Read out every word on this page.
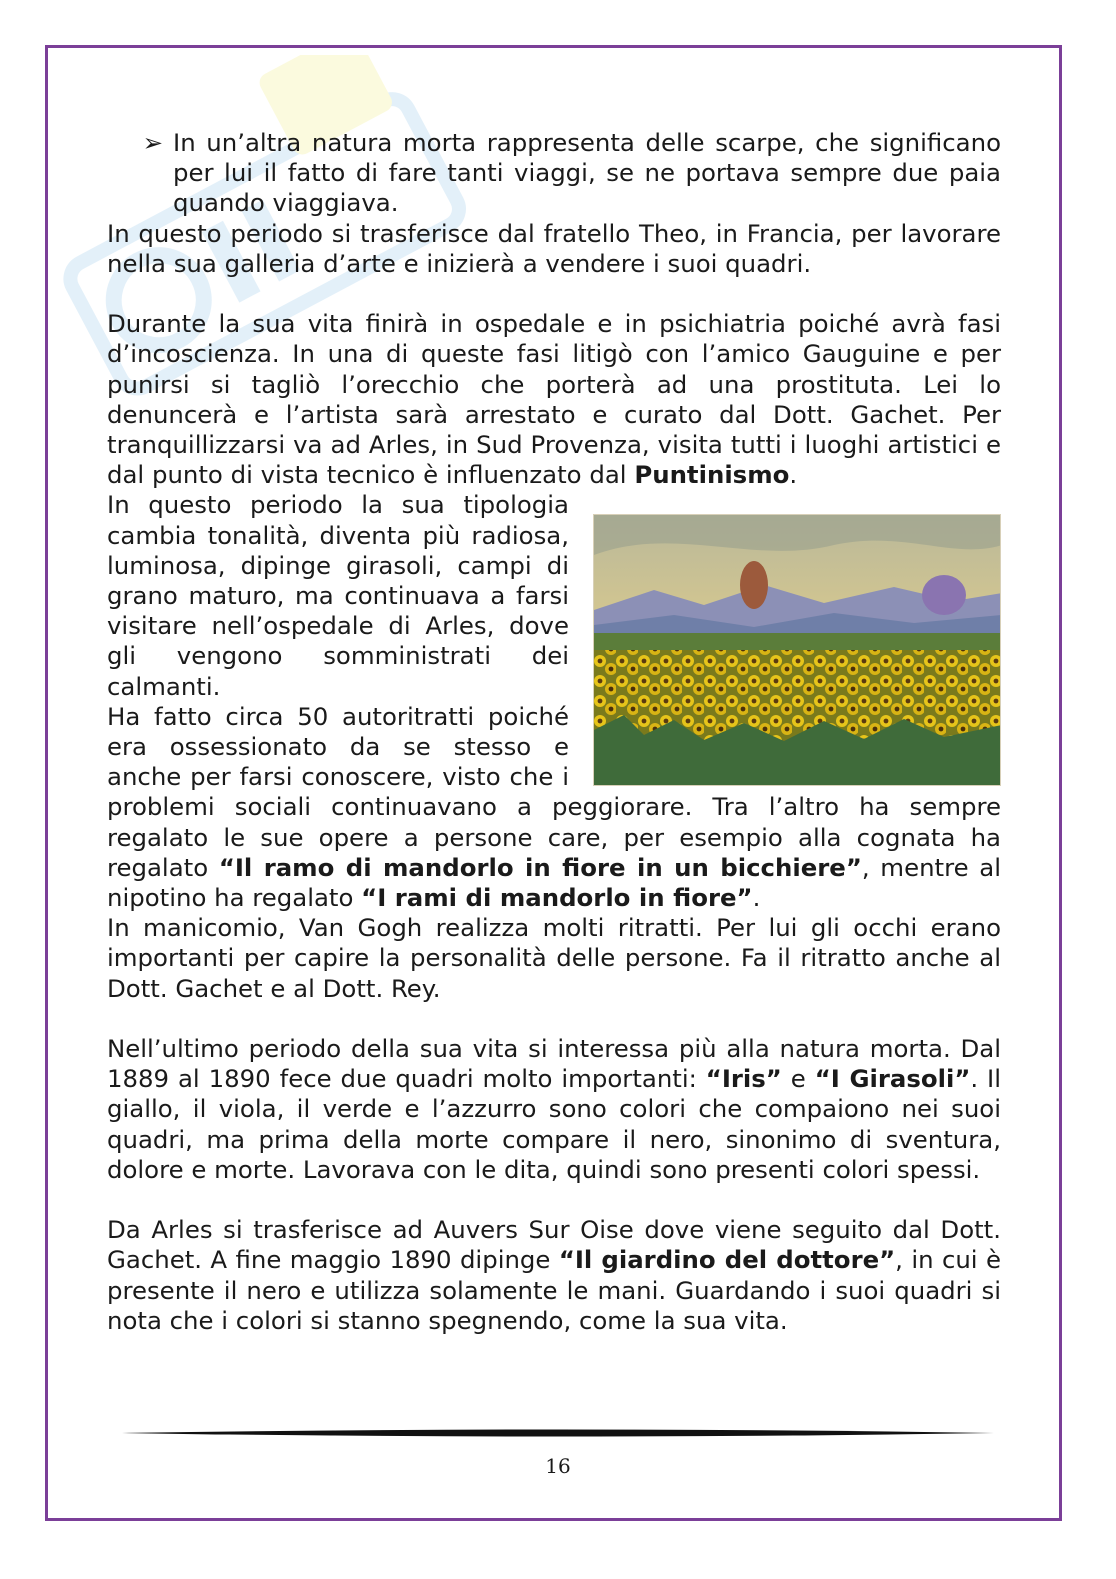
➢ In un’altra natura morta rappresenta delle scarpe, che significano per lui il fatto di fare tanti viaggi, se ne portava sempre due paia quando viaggiava.

In questo periodo si trasferisce dal fratello Theo, in Francia, per lavorare nella sua galleria d’arte e inizierà a vendere i suoi quadri.

Durante la sua vita finirà in ospedale e in psichiatria poiché avrà fasi d’incoscienza. In una di queste fasi litigò con l’amico Gauguine e per punirsi si tagliò l’orecchio che porterà ad una prostituta. Lei lo denuncerà e l’artista sarà arrestato e curato dal Dott. Gachet. Per tranquillizzarsi va ad Arles, in Sud Provenza, visita tutti i luoghi artistici e dal punto di vista tecnico è influenzato dal Puntinismo.

In questo periodo la sua tipologia cambia tonalità, diventa più radiosa, luminosa, dipinge girasoli, campi di grano maturo, ma continuava a farsi visitare nell’ospedale di Arles, dove gli vengono somministrati dei calmanti.

Ha fatto circa 50 autoritratti poiché era ossessionato da se stesso e anche per farsi conoscere, visto che i problemi sociali continuavano a peggiorare. Tra l’altro ha sempre regalato le sue opere a persone care, per esempio alla cognata ha regalato “Il ramo di mandorlo in fiore in un bicchiere”, mentre al nipotino ha regalato “I rami di mandorlo in fiore”.

In manicomio, Van Gogh realizza molti ritratti. Per lui gli occhi erano importanti per capire la personalità delle persone. Fa il ritratto anche al Dott. Gachet e al Dott. Rey.

Nell’ultimo periodo della sua vita si interessa più alla natura morta. Dal 1889 al 1890 fece due quadri molto importanti: “Iris” e “I Girasoli”. Il giallo, il viola, il verde e l’azzurro sono colori che compaiono nei suoi quadri, ma prima della morte compare il nero, sinonimo di sventura, dolore e morte. Lavorava con le dita, quindi sono presenti colori spessi.

Da Arles si trasferisce ad Auvers Sur Oise dove viene seguito dal Dott. Gachet. A fine maggio 1890 dipinge “Il giardino del dottore”, in cui è presente il nero e utilizza solamente le mani. Guardando i suoi quadri si nota che i colori si stanno spegnendo, come la sua vita.

16
